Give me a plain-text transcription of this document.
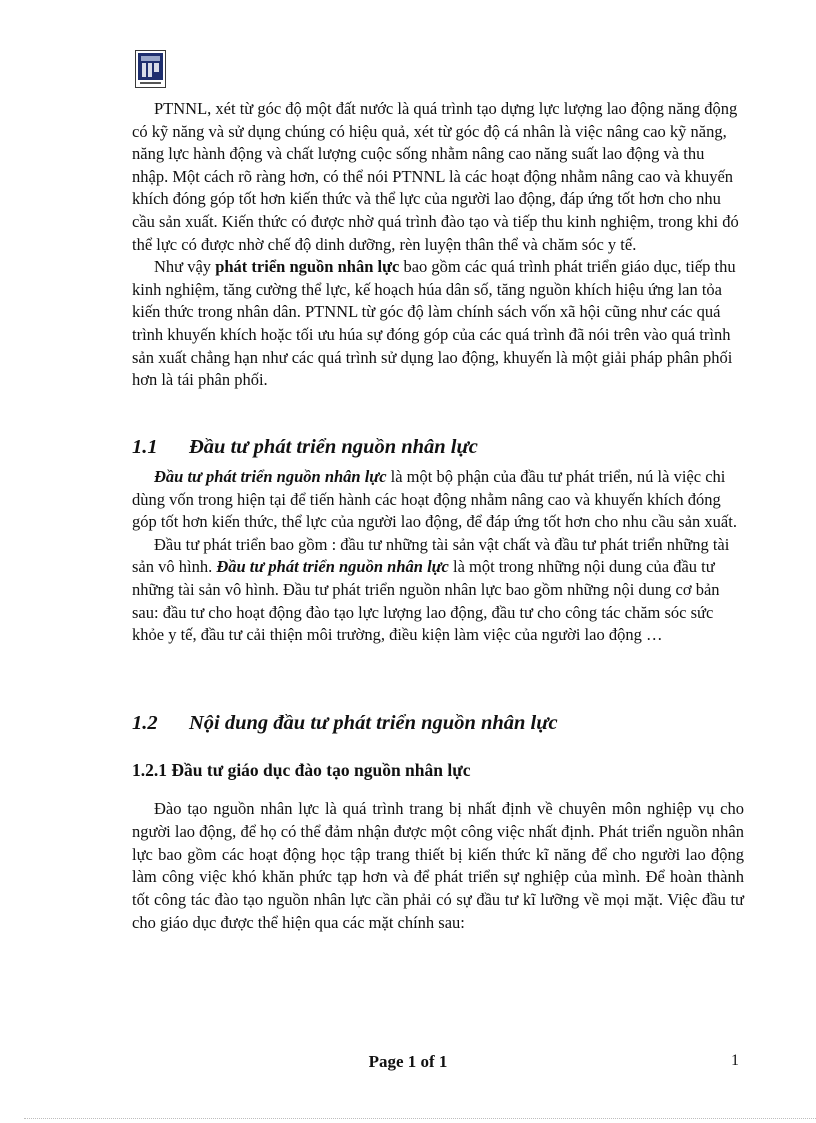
PTNNL, xét từ góc độ một đất nước là quá trình tạo dựng lực lượng lao động năng động có kỹ năng và sử dụng chúng có hiệu quả, xét từ góc độ cá nhân là việc nâng cao kỹ năng, năng lực hành động và chất lượng cuộc sống nhằm nâng cao năng suất lao động và thu nhập. Một cách rõ ràng hơn, có thể nói PTNNL là các hoạt động nhằm nâng cao và khuyến khích đóng góp tốt hơn kiến thức và thể lực của người lao động, đáp ứng tốt hơn cho nhu cầu sản xuất. Kiến thức có được nhờ quá trình đào tạo và tiếp thu kinh nghiệm, trong khi đó thể lực có được nhờ chế độ dinh dưỡng, rèn luyện thân thể và chăm sóc y tế.

Như vậy phát triển nguồn nhân lực bao gồm các quá trình phát triển giáo dục, tiếp thu kinh nghiệm, tăng cường thể lực, kế hoạch húa dân số, tăng nguồn khích hiệu ứng lan tỏa kiến thức trong nhân dân. PTNNL từ góc độ làm chính sách vốn xã hội cũng như các quá trình khuyến khích hoặc tối ưu húa sự đóng góp của các quá trình đã nói trên vào quá trình sản xuất chẳng hạn như các quá trình sử dụng lao động, khuyến là một giải pháp phân phối hơn là tái phân phối.

1.1 Đầu tư phát triển nguồn nhân lực

Đầu tư phát triển nguồn nhân lực là một bộ phận của đầu tư phát triển, nú là việc chi dùng vốn trong hiện tại để tiến hành các hoạt động nhằm nâng cao và khuyến khích đóng góp tốt hơn kiến thức, thể lực của người lao động, để đáp ứng tốt hơn cho nhu cầu sản xuất.

Đầu tư phát triển bao gồm : đầu tư những tài sản vật chất và đầu tư phát triển những tài sản vô hình. Đầu tư phát triển nguồn nhân lực là một trong những nội dung của đầu tư những tài sản vô hình. Đầu tư phát triển nguồn nhân lực bao gồm những nội dung cơ bản sau: đầu tư cho hoạt động đào tạo lực lượng lao động, đầu tư cho công tác chăm sóc sức khỏe y tế, đầu tư cải thiện môi trường, điều kiện làm việc của người lao động …

1.2 Nội dung đầu tư phát triển nguồn nhân lực
1.2.1 Đầu tư giáo dục đào tạo nguồn nhân lực

Đào tạo nguồn nhân lực là quá trình trang bị nhất định về chuyên môn nghiệp vụ cho người lao động, để họ có thể đảm nhận được một công việc nhất định. Phát triển nguồn nhân lực bao gồm các hoạt động học tập trang thiết bị kiến thức kĩ năng để cho người lao động làm công việc khó khăn phức tạp hơn và để phát triển sự nghiệp của mình. Để hoàn thành tốt công tác đào tạo nguồn nhân lực cần phải có sự đầu tư kĩ lưỡng về mọi mặt. Việc đầu tư cho giáo dục được thể hiện qua các mặt chính sau:

Page 1 of 1	1
